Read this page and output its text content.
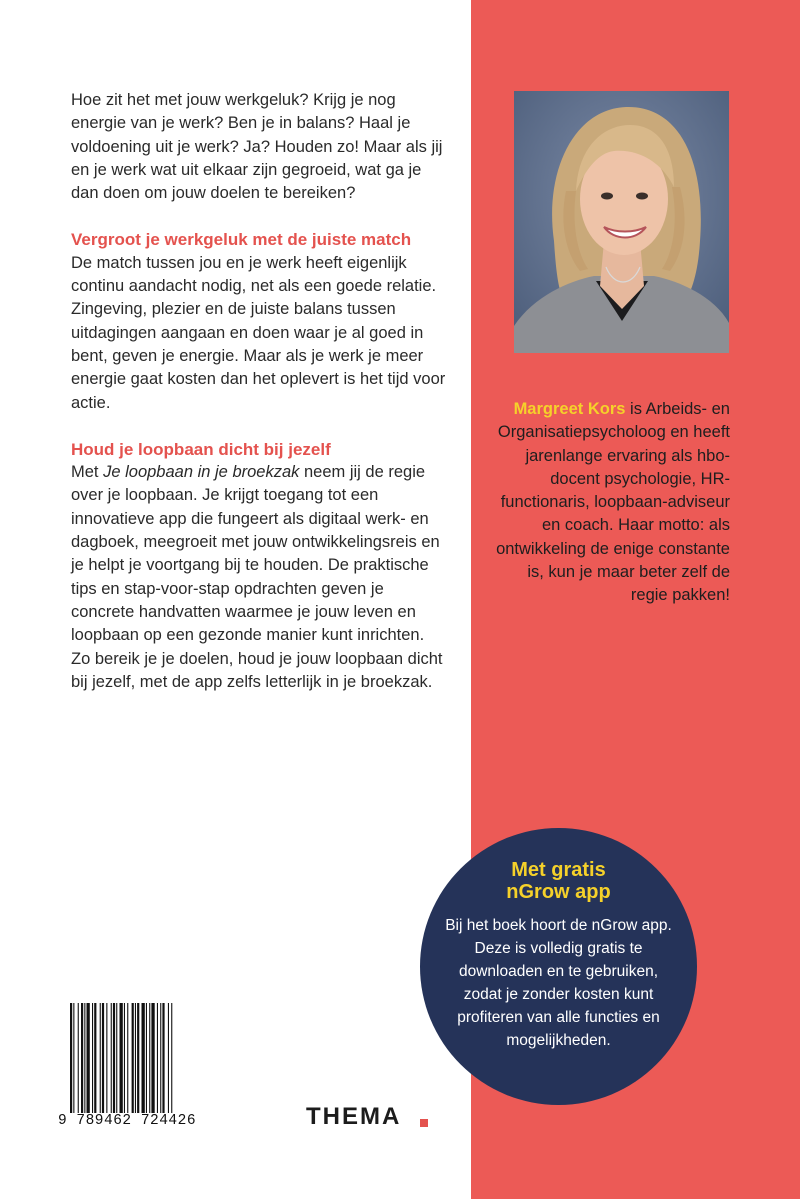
Hoe zit het met jouw werkgeluk? Krijg je nog energie van je werk? Ben je in balans? Haal je voldoening uit je werk? Ja? Houden zo! Maar als jij en je werk wat uit elkaar zijn gegroeid, wat ga je dan doen om jouw doelen te bereiken?

Vergroot je werkgeluk met de juiste match

De match tussen jou en je werk heeft eigenlijk continu aandacht nodig, net als een goede relatie. Zingeving, plezier en de juiste balans tussen uitdagingen aangaan en doen waar je al goed in bent, geven je energie. Maar als je werk je meer energie gaat kosten dan het oplevert is het tijd voor actie.

Houd je loopbaan dicht bij jezelf

Met Je loopbaan in je broekzak neem jij de regie over je loopbaan. Je krijgt toegang tot een innovatieve app die fungeert als digitaal werk- en dagboek, meegroeit met jouw ontwikkelingsreis en je helpt je voortgang bij te houden. De praktische tips en stap-voor-stap opdrachten geven je concrete handvatten waarmee je jouw leven en loopbaan op een gezonde manier kunt inrichten. Zo bereik je je doelen, houd je jouw loopbaan dicht bij jezelf, met de app zelfs letterlijk in je broekzak.

Margreet Kors is Arbeids- en Organisatiepsycholoog en heeft jarenlange ervaring als hbo-docent psychologie, HR-functionaris, loopbaan-adviseur en coach. Haar motto: als ontwikkeling de enige constante is, kun je maar beter zelf de regie pakken!
Met gratis
nGrow app
Bij het boek hoort de nGrow app. Deze is volledig gratis te downloaden en te gebruiken, zodat je zonder kosten kunt profiteren van alle functies en mogelijkheden.
9 789462 724426	THEMA
